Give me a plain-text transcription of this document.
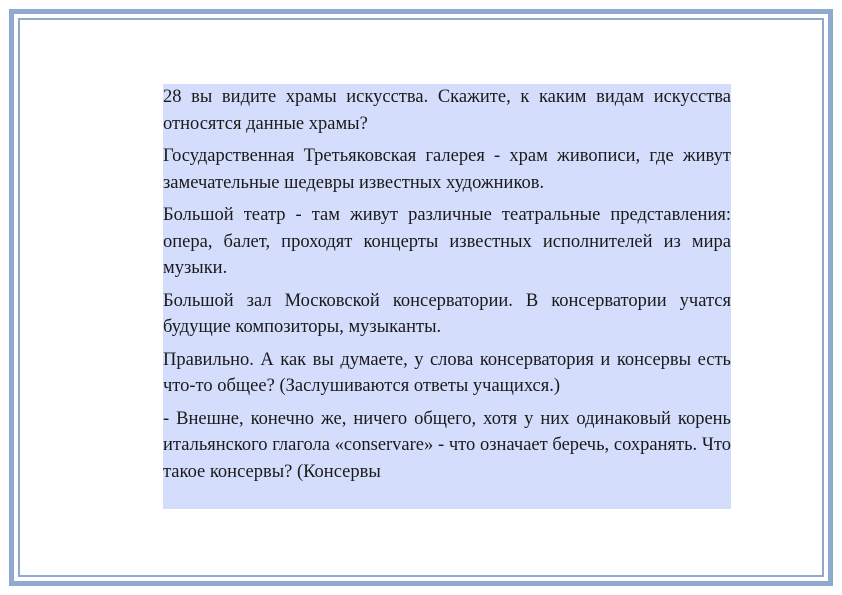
28 вы видите храмы искусства. Скажите, к каким видам искусства относятся данные храмы?

Государственная Третьяковская галерея - храм живописи, где живут замечательные шедевры известных художников.

Большой театр - там живут различные театральные представления: опера, балет, проходят концерты известных исполнителей из мира музыки.

Большой зал Московской консерватории. В консерватории учатся будущие композиторы, музыканты.

Правильно. А как вы думаете, у слова консерватория и консервы есть что-то общее? (Заслушиваются ответы учащихся.)

- Внешне, конечно же, ничего общего, хотя у них одинаковый корень итальянского глагола «conservare» - что означает беречь, сохранять. Что такое консервы? (Консервы
